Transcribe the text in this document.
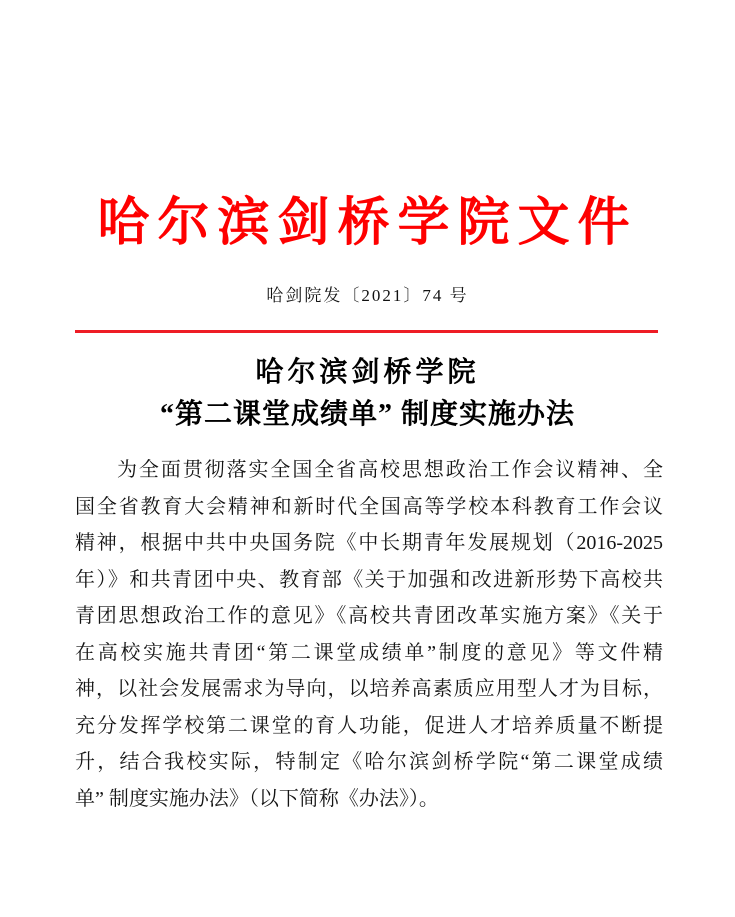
哈尔滨剑桥学院文件
哈剑院发〔2021〕74 号
哈尔滨剑桥学院
“第二课堂成绩单” 制度实施办法
为全面贯彻落实全国全省高校思想政治工作会议精神、全
国全省教育大会精神和新时代全国高等学校本科教育工作会议
精神，根据中共中央国务院《中长期青年发展规划（2016-2025
年）》和共青团中央、教育部《关于加强和改进新形势下高校共
青团思想政治工作的意见》《高校共青团改革实施方案》《关于
在高校实施共青团“第二课堂成绩单”制度的意见》等文件精
神，以社会发展需求为导向，以培养高素质应用型人才为目标，
充分发挥学校第二课堂的育人功能，促进人才培养质量不断提
升，结合我校实际，特制定《哈尔滨剑桥学院“第二课堂成绩
单” 制度实施办法》（以下简称《办法》）。
